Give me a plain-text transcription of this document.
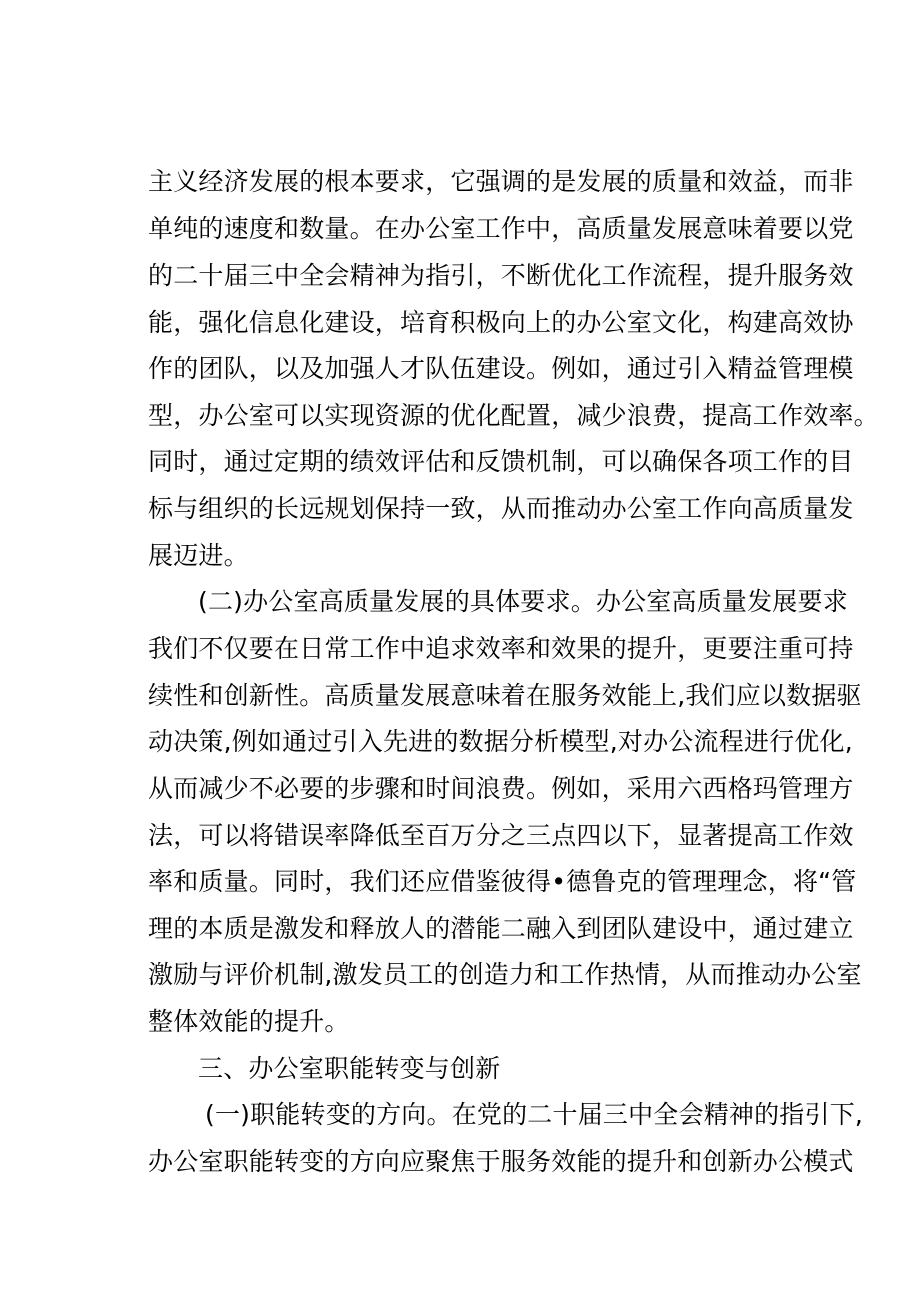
主义经济发展的根本要求，它强调的是发展的质量和效益，而非
单纯的速度和数量。在办公室工作中，高质量发展意味着要以党
的二十届三中全会精神为指引，不断优化工作流程，提升服务效
能，强化信息化建设，培育积极向上的办公室文化，构建高效协
作的团队，以及加强人才队伍建设。例如，通过引入精益管理模
型，办公室可以实现资源的优化配置，减少浪费，提高工作效率。
同时，通过定期的绩效评估和反馈机制，可以确保各项工作的目
标与组织的长远规划保持一致，从而推动办公室工作向高质量发
展迈进。
(二)办公室高质量发展的具体要求。办公室高质量发展要求
我们不仅要在日常工作中追求效率和效果的提升，更要注重可持
续性和创新性。高质量发展意味着在服务效能上,我们应以数据驱
动决策,例如通过引入先进的数据分析模型,对办公流程进行优化,
从而减少不必要的步骤和时间浪费。例如，采用六西格玛管理方
法，可以将错误率降低至百万分之三点四以下，显著提高工作效
率和质量。同时，我们还应借鉴彼得•德鲁克的管理理念，将“管
理的本质是激发和释放人的潜能二融入到团队建设中，通过建立
激励与评价机制,激发员工的创造力和工作热情，从而推动办公室
整体效能的提升。
三、办公室职能转变与创新
(一)职能转变的方向。在党的二十届三中全会精神的指引下,
办公室职能转变的方向应聚焦于服务效能的提升和创新办公模式
